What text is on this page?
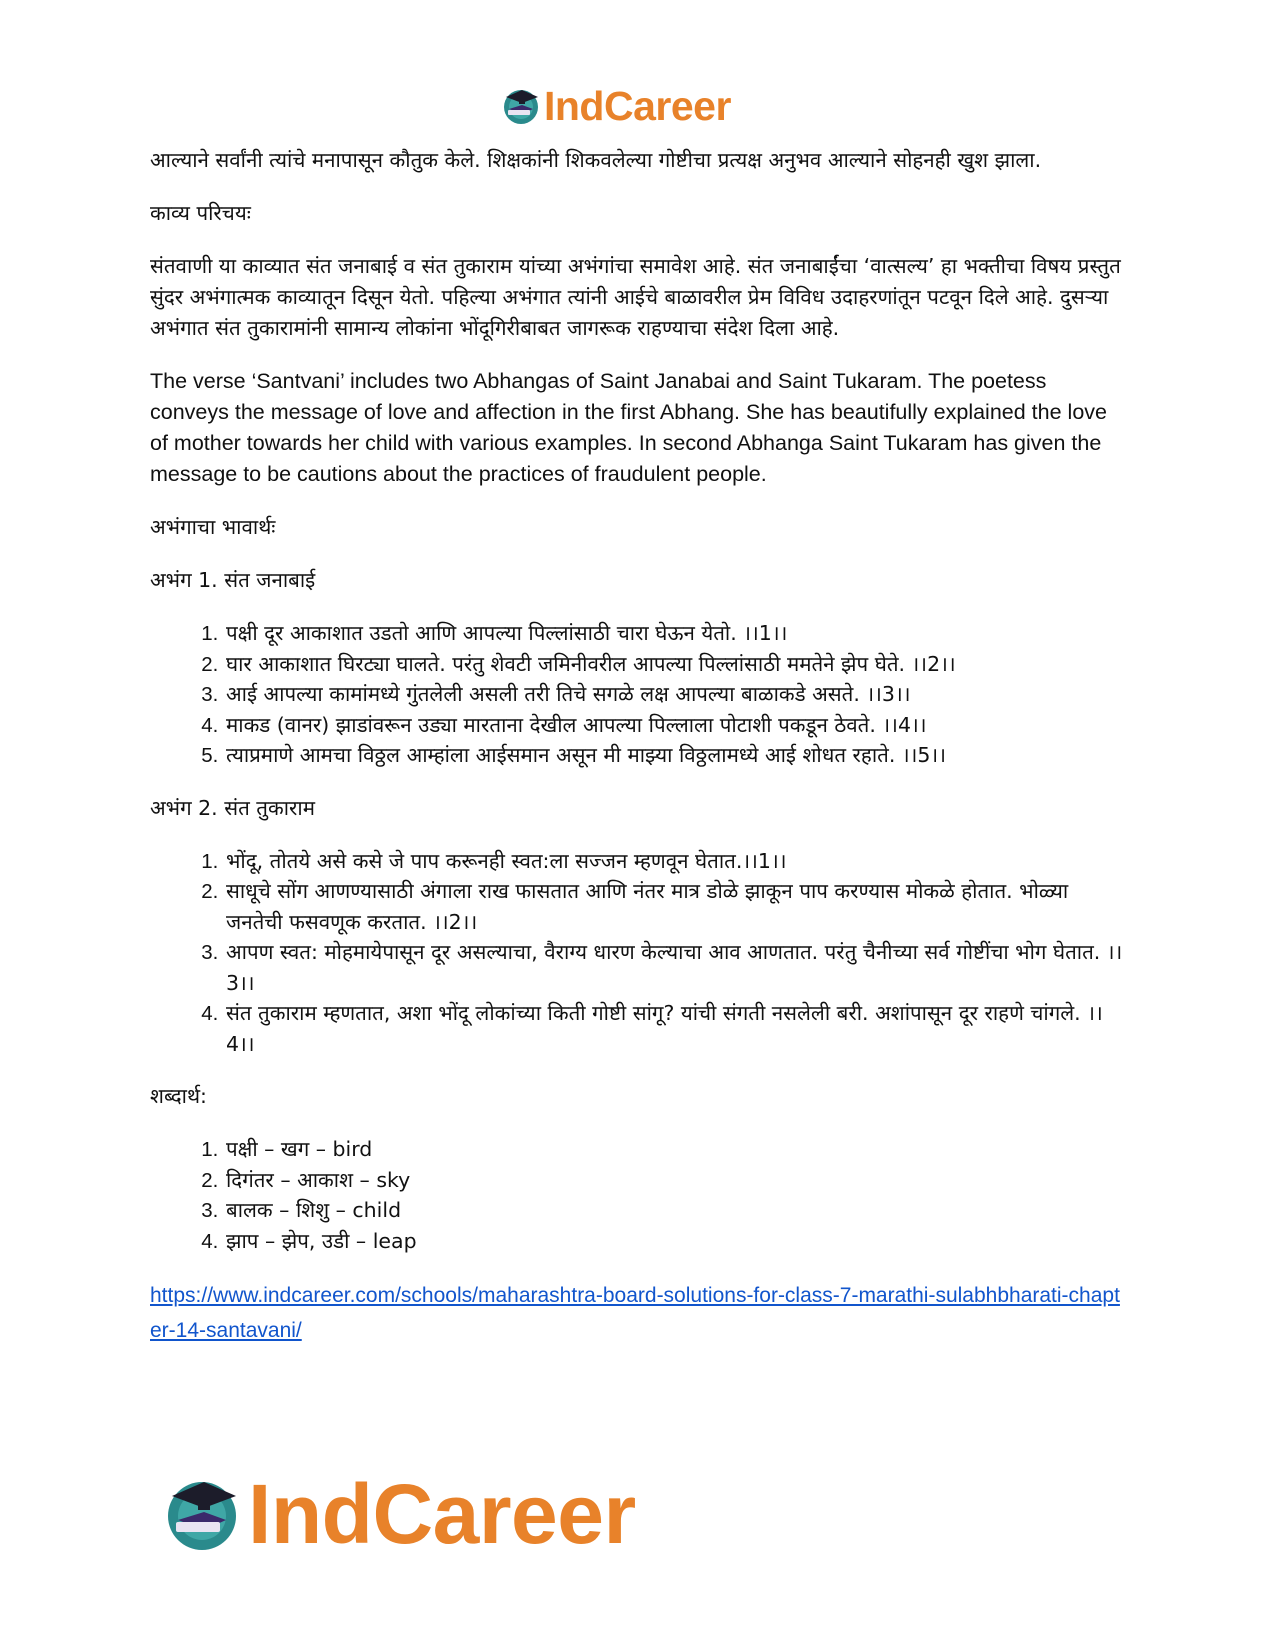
IndCareer

आल्याने सर्वांनी त्यांचे मनापासून कौतुक केले. शिक्षकांनी शिकवलेल्या गोष्टीचा प्रत्यक्ष अनुभव आल्याने सोहनही खुश झाला.

काव्य परिचयः

संतवाणी या काव्यात संत जनाबाई व संत तुकाराम यांच्या अभंगांचा समावेश आहे. संत जनाबाईंचा ‘वात्सल्य’ हा भक्तीचा विषय प्रस्तुत सुंदर अभंगात्मक काव्यातून दिसून येतो. पहिल्या अभंगात त्यांनी आईचे बाळावरील प्रेम विविध उदाहरणांतून पटवून दिले आहे. दुसऱ्या अभंगात संत तुकारामांनी सामान्य लोकांना भोंदूगिरीबाबत जागरूक राहण्याचा संदेश दिला आहे.

The verse ‘Santvani’ includes two Abhangas of Saint Janabai and Saint Tukaram. The poetess conveys the message of love and affection in the first Abhang. She has beautifully explained the love of mother towards her child with various examples. In second Abhanga Saint Tukaram has given the message to be cautions about the practices of fraudulent people.

अभंगाचा भावार्थः

अभंग 1. संत जनाबाई

1. पक्षी दूर आकाशात उडतो आणि आपल्या पिल्लांसाठी चारा घेऊन येतो. ।।1।।
2. घार आकाशात घिरट्या घालते. परंतु शेवटी जमिनीवरील आपल्या पिल्लांसाठी ममतेने झेप घेते. ।।2।।
3. आई आपल्या कामांमध्ये गुंतलेली असली तरी तिचे सगळे लक्ष आपल्या बाळाकडे असते. ।।3।।
4. माकड (वानर) झाडांवरून उड्या मारताना देखील आपल्या पिल्लाला पोटाशी पकडून ठेवते. ।।4।।
5. त्याप्रमाणे आमचा विठ्ठल आम्हांला आईसमान असून मी माझ्या विठ्ठलामध्ये आई शोधत रहाते. ।।5।।

अभंग 2. संत तुकाराम

1. भोंदू, तोतये असे कसे जे पाप करूनही स्वत:ला सज्जन म्हणवून घेतात.।।1।।
2. साधूचे सोंग आणण्यासाठी अंगाला राख फासतात आणि नंतर मात्र डोळे झाकून पाप करण्यास मोकळे होतात. भोळ्या जनतेची फसवणूक करतात. ।।2।।
3. आपण स्वत: मोहमायेपासून दूर असल्याचा, वैराग्य धारण केल्याचा आव आणतात. परंतु चैनीच्या सर्व गोष्टींचा भोग घेतात. ।।3।।
4. संत तुकाराम म्हणतात, अशा भोंदू लोकांच्या किती गोष्टी सांगू? यांची संगती नसलेली बरी. अशांपासून दूर राहणे चांगले. ।।4।।

शब्दार्थ:

1. पक्षी – खग – bird
2. दिगंतर – आकाश – sky
3. बालक – शिशु – child
4. झाप – झेप, उडी – leap
https://www.indcareer.com/schools/maharashtra-board-solutions-for-class-7-marathi-sulabhbharati-chapter-14-santavani/
IndCareer
